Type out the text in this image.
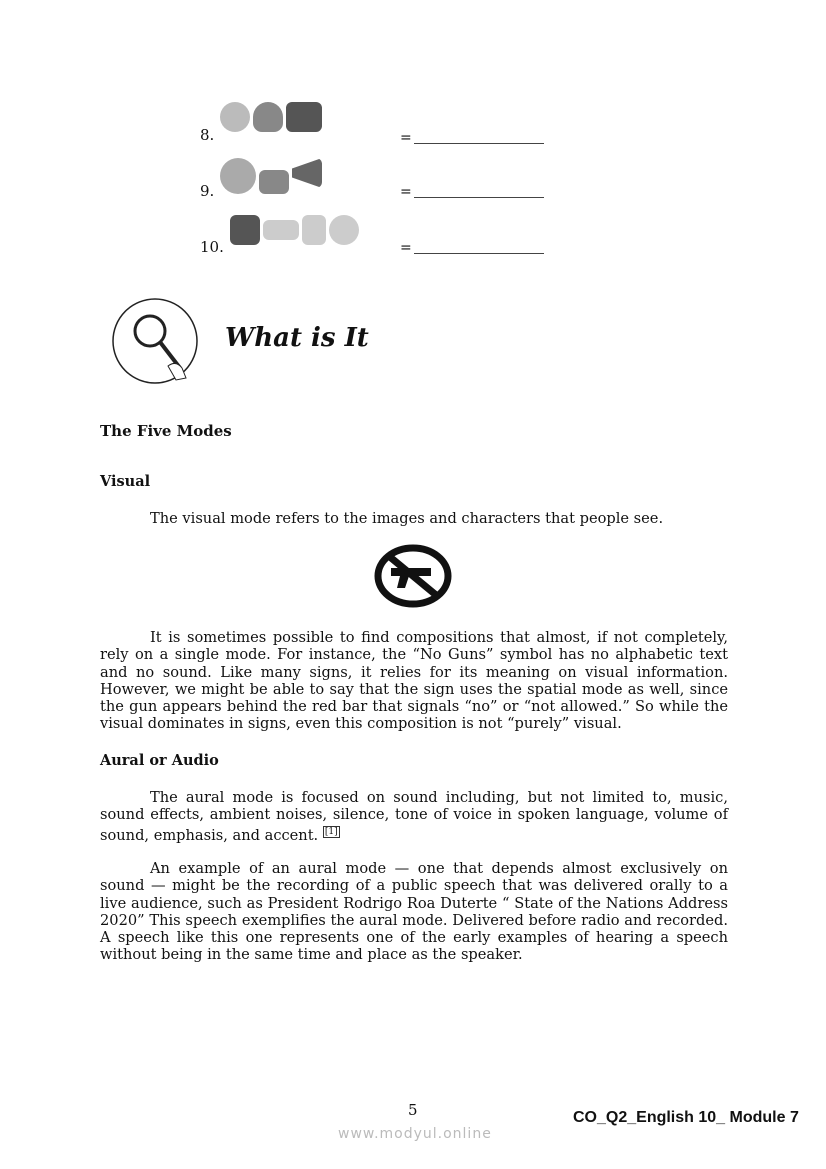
8.	=
9.	=
10.	=
What is It
The Five Modes
Visual

The visual mode refers to the images and characters that people see.

It is sometimes possible to find compositions that almost, if not completely, rely on a single mode. For instance, the “No Guns” symbol has no alphabetic text and no sound. Like many signs, it relies for its meaning on visual information. However, we might be able to say that the sign uses the spatial mode as well, since the gun appears behind the red bar that signals “no” or “not allowed.” So while the visual dominates in signs, even this composition is not “purely” visual.

Aural or Audio

The aural mode is focused on sound including, but not limited to, music, sound effects, ambient noises, silence, tone of voice in spoken language, volume of sound, emphasis, and accent. [1]

An example of an aural mode — one that depends almost exclusively on sound — might be the recording of a public speech that was delivered orally to a live audience, such as President Rodrigo Roa Duterte “ State of the Nations Address 2020” This speech exemplifies the aural mode. Delivered before radio and recorded. A speech like this one represents one of the early examples of hearing a speech without being in the same time and place as the speaker.

5	CO_Q2_English 10_ Module 7
www.modyul.online
